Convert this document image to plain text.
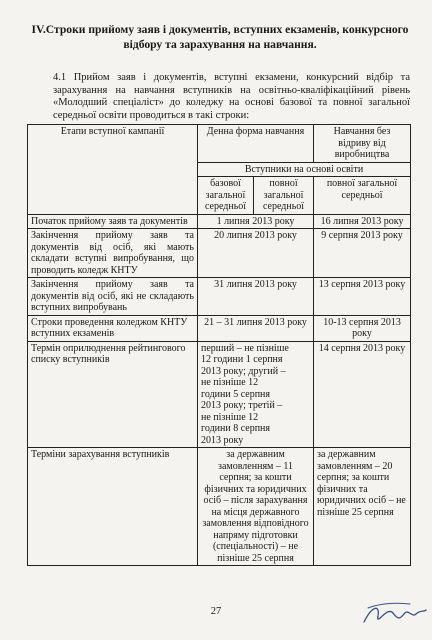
IV.Строки прийому заяв і документів, вступних екзаменів, конкурсного відбору та зарахування на навчання.
4.1 Прийом заяв і документів, вступні екзамени, конкурсний відбір та зарахування на навчання вступників на освітньо-кваліфікаційний рівень «Молодший спеціаліст» до коледжу на основі базової та повної загальної середньої освіти проводиться в такі строки:
Етапи вступної кампанії	Денна форма навчання		Навчання без відриву від виробництва
	Вступники на основі освіти		
	базової загальної середньої	повної загальної середньої	повної загальної середньої
Початок прийому заяв та документів	1 липня 2013 року		16 липня 2013 року
Закінчення прийому заяв та документів від осіб, які мають складати вступні випробування, що проводить коледж КНТУ	20 липня 2013 року		9 серпня 2013 року
Закінчення прийому заяв та документів від осіб, які не складають вступних випробувань	31 липня 2013 року		13 серпня 2013 року
Строки проведення коледжом КНТУ вступних екзаменів	21 – 31 липня 2013 року		10-13 серпня 2013 року
Термін оприлюднення рейтингового списку вступників	перший – не пізніше 12 години 1 серпня 2013 року; другий – не пізніше 12 години 5 серпня 2013 року; третій – не пізніше 12 години 8 серпня 2013 року		14 серпня 2013 року
Терміни зарахування вступників	за державним замовленням – 11 серпня; за кошти фізичних та юридичних осіб – після зарахування на місця державного замовлення відповідного напряму підготовки (спеціальності) – не пізніше 25 серпня		за державним замовленням – 20 серпня; за кошти фізичних та юридичних осіб – не пізніше 25 серпня
27
